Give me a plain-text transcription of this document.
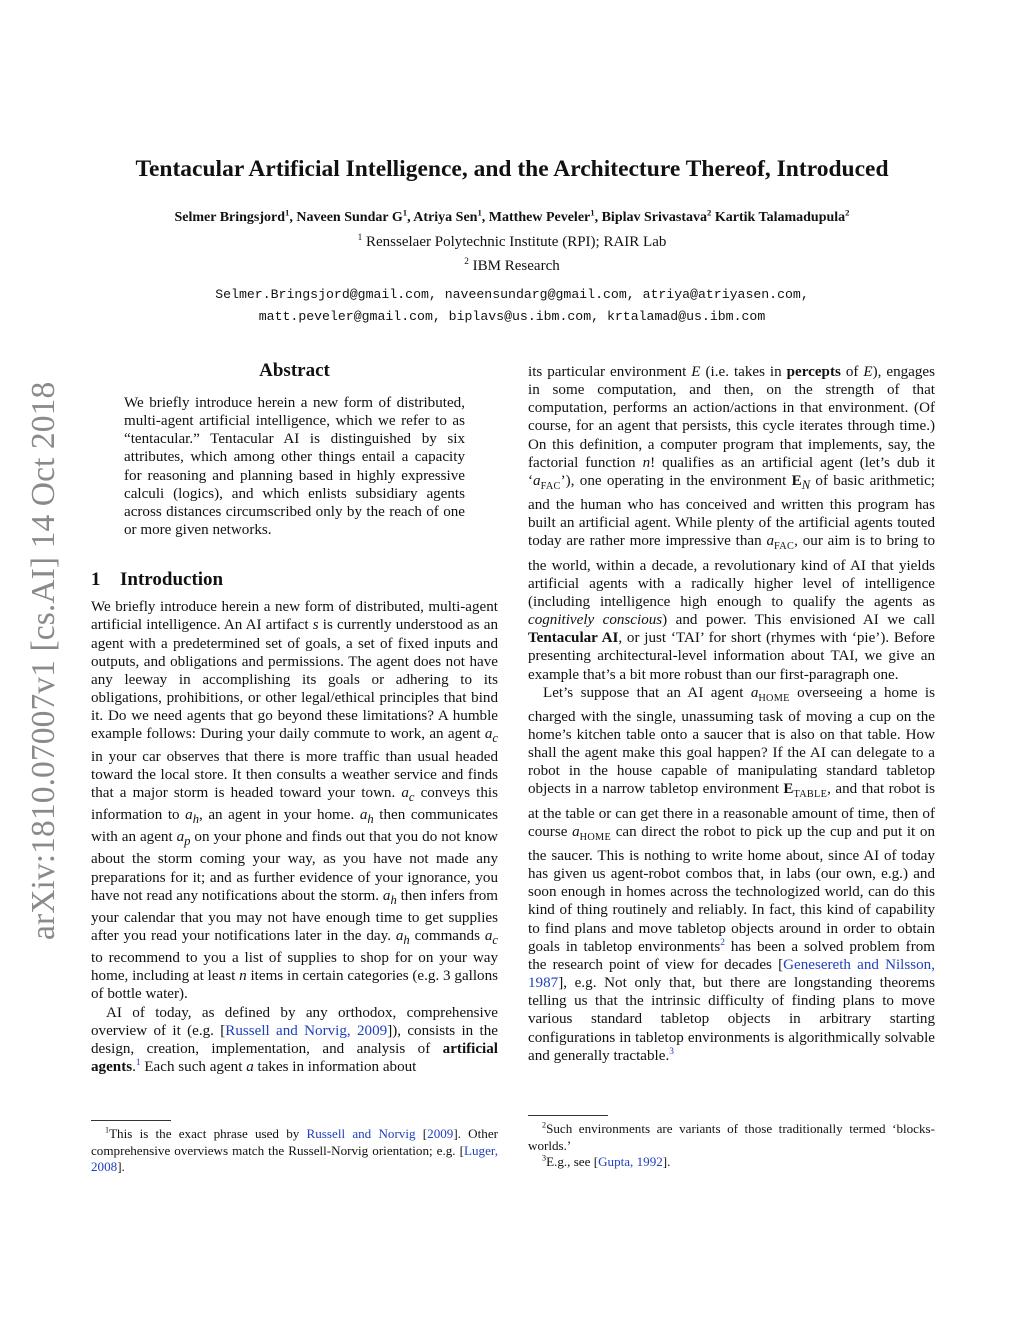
arXiv:1810.07007v1 [cs.AI] 14 Oct 2018
Tentacular Artificial Intelligence, and the Architecture Thereof, Introduced
Selmer Bringsjord$^1$, Naveen Sundar $G^1$, Atriya Sen$^1$, Matthew Peveler$^1$, Biplav Srivastava$^2$ Kartik Talamadupula$^2$
$^1$ Rensselaer Polytechnic Institute (RPI); RAIR Lab
$^2$ IBM Research
Selmer.Bringsjord@gmail.com, naveensundarg@gmail.com, atriya@atriyasen.com,
matt.peveler@gmail.com, biplavs@us.ibm.com, krtalamad@us.ibm.com
Abstract

We briefly introduce herein a new form of distributed, multi-agent artificial intelligence, which we refer to as “tentacular.” Tentacular AI is distinguished by six attributes, which among other things entail a capacity for reasoning and planning based in highly expressive calculi (logics), and which enlists subsidiary agents across distances circumscribed only by the reach of one or more given networks.

1 Introduction

We briefly introduce herein a new form of distributed, multi-agent artificial intelligence. An AI artifact s is currently understood as an agent with a predetermined set of goals, a set of fixed inputs and outputs, and obligations and permissions. The agent does not have any leeway in accomplishing its goals or adhering to its obligations, prohibitions, or other legal/ethical principles that bind it. Do we need agents that go beyond these limitations? A humble example follows: During your daily commute to work, an agent $a_c$ in your car observes that there is more traffic than usual headed toward the local store. It then consults a weather service and finds that a major storm is headed toward your town. $a_c$ conveys this information to $a_h$, an agent in your home. $a_h$ then communicates with an agent $a_p$ on your phone and finds out that you do not know about the storm coming your way, as you have not made any preparations for it; and as further evidence of your ignorance, you have not read any notifications about the storm. $a_h$ then infers from your calendar that you may not have enough time to get supplies after you read your notifications later in the day. $a_h$ commands $a_c$ to recommend to you a list of supplies to shop for on your way home, including at least n items in certain categories (e.g. 3 gallons of bottle water).

AI of today, as defined by any orthodox, comprehensive overview of it (e.g. [Russell and Norvig, 2009]), consists in the design, creation, implementation, and analysis of artificial agents.$^1$ Each such agent a takes in information about

$^1$This is the exact phrase used by Russell and Norvig [2009]. Other comprehensive overviews match the Russell-Norvig orientation; e.g. [Luger, 2008].

its particular environment E (i.e. takes in percepts of E), engages in some computation, and then, on the strength of that computation, performs an action/actions in that environment. (Of course, for an agent that persists, this cycle iterates through time.) On this definition, a computer program that implements, say, the factorial function n! qualifies as an artificial agent (let’s dub it ‘$a_{FAC}$’), one operating in the environment $E_N$ of basic arithmetic; and the human who has conceived and written this program has built an artificial agent. While plenty of the artificial agents touted today are rather more impressive than $a_{FAC}$, our aim is to bring to the world, within a decade, a revolutionary kind of AI that yields artificial agents with a radically higher level of intelligence (including intelligence high enough to qualify the agents as cognitively conscious) and power. This envisioned AI we call Tentacular AI, or just ‘TAI’ for short (rhymes with ‘pie’). Before presenting architectural-level information about TAI, we give an example that’s a bit more robust than our first-paragraph one.

Let’s suppose that an AI agent $a_{HOME}$ overseeing a home is charged with the single, unassuming task of moving a cup on the home’s kitchen table onto a saucer that is also on that table. How shall the agent make this goal happen? If the AI can delegate to a robot in the house capable of manipulating standard tabletop objects in a narrow tabletop environment $E_{TABLE}$, and that robot is at the table or can get there in a reasonable amount of time, then of course $a_{HOME}$ can direct the robot to pick up the cup and put it on the saucer. This is nothing to write home about, since AI of today has given us agent-robot combos that, in labs (our own, e.g.) and soon enough in homes across the technologized world, can do this kind of thing routinely and reliably. In fact, this kind of capability to find plans and move tabletop objects around in order to obtain goals in tabletop environments$^2$ has been a solved problem from the research point of view for decades [Genesereth and Nilsson, 1987], e.g. Not only that, but there are longstanding theorems telling us that the intrinsic difficulty of finding plans to move various standard tabletop objects in arbitrary starting configurations in tabletop environments is algorithmically solvable and generally tractable.$^3$

$^2$Such environments are variants of those traditionally termed ‘blocks-worlds.’

$^3$E.g., see [Gupta, 1992].
